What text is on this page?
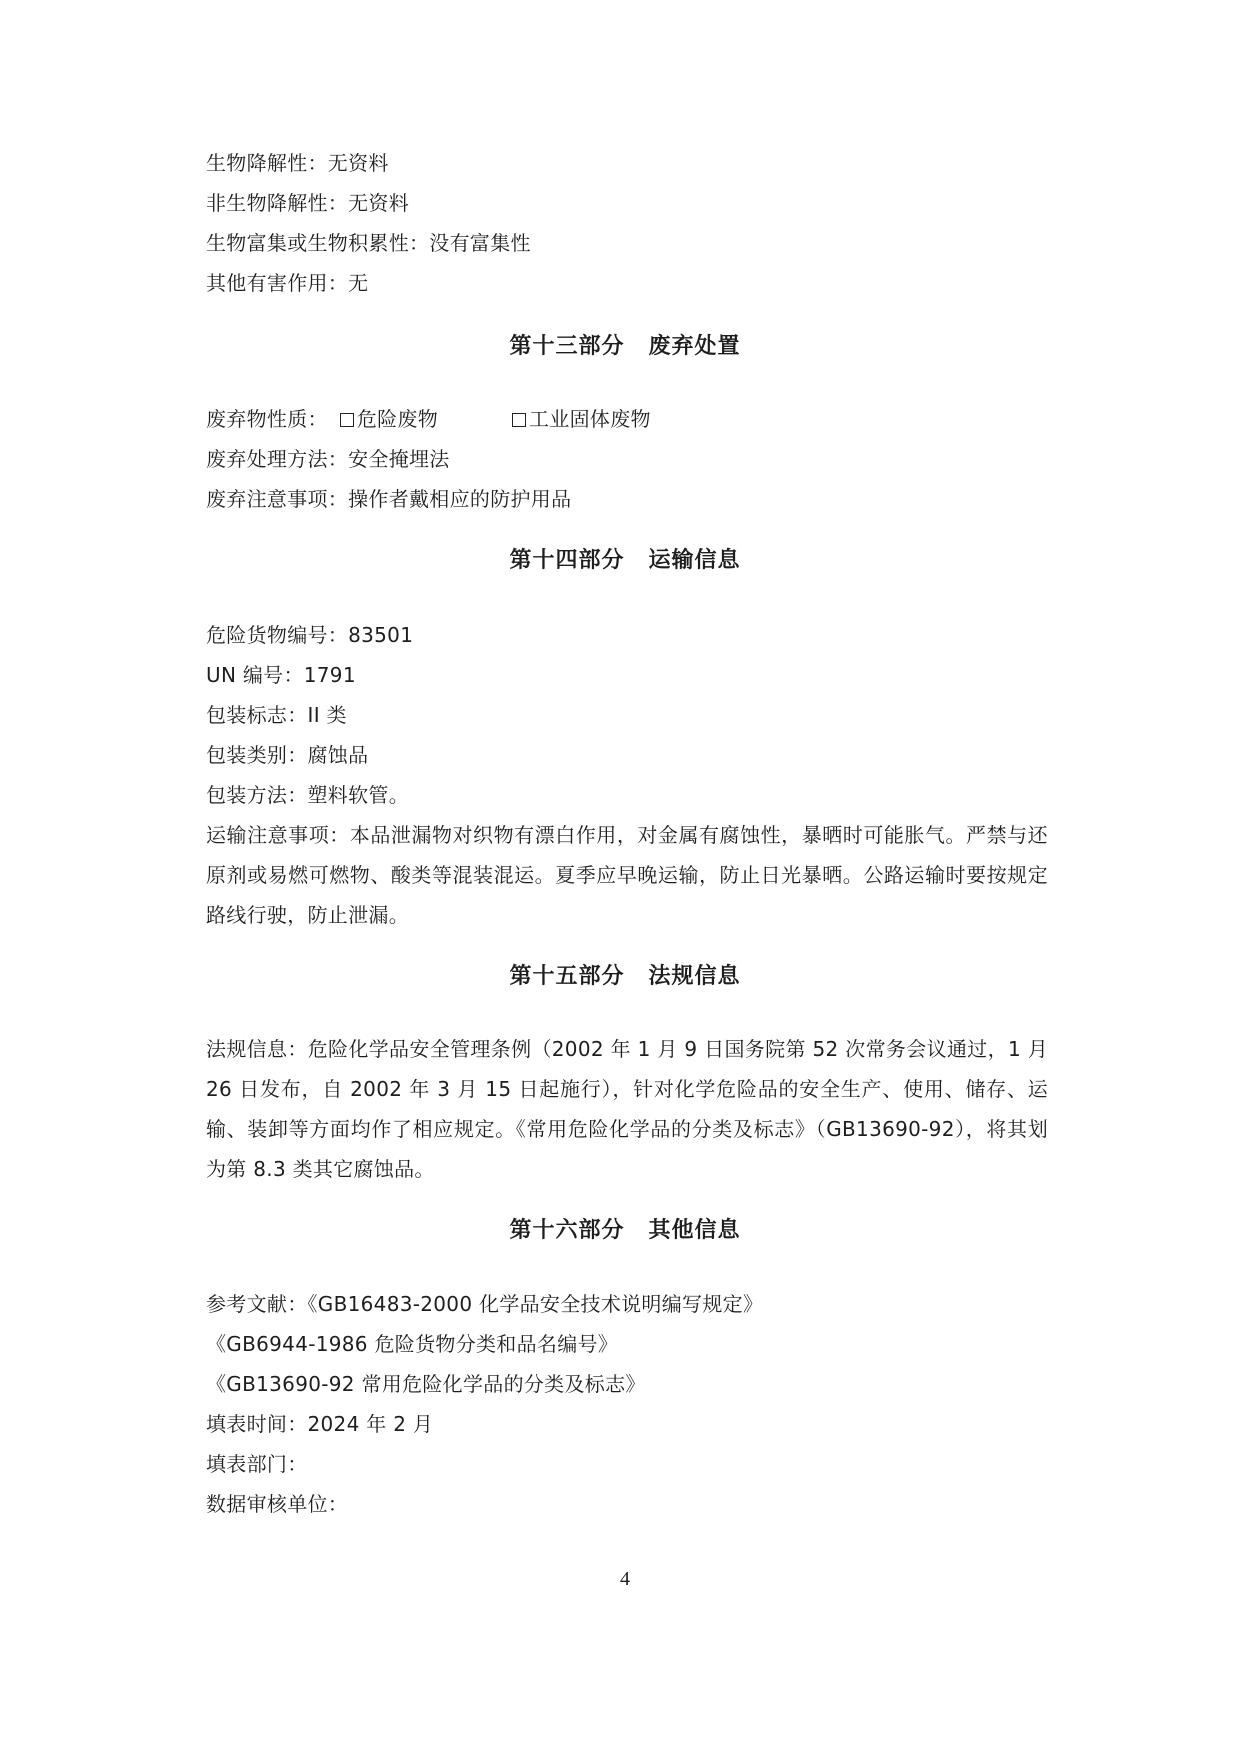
生物降解性：无资料
非生物降解性：无资料
生物富集或生物积累性：没有富集性
其他有害作用：无
第十三部分 废弃处置
废弃物性质： 危险废物	工业固体废物
废弃处理方法：安全掩埋法
废弃注意事项：操作者戴相应的防护用品
第十四部分 运输信息
危险货物编号：83501
UN 编号：1791
包装标志：II 类
包装类别：腐蚀品
包装方法：塑料软管。
运输注意事项：本品泄漏物对织物有漂白作用，对金属有腐蚀性，暴晒时可能胀气。严禁与还原剂或易燃可燃物、酸类等混装混运。夏季应早晚运输，防止日光暴晒。公路运输时要按规定路线行驶，防止泄漏。
第十五部分 法规信息
法规信息：危险化学品安全管理条例（2002 年 1 月 9 日国务院第 52 次常务会议通过，1 月 26 日发布，自 2002 年 3 月 15 日起施行），针对化学危险品的安全生产、使用、储存、运输、装卸等方面均作了相应规定。《常用危险化学品的分类及标志》（GB13690-92），将其划为第 8.3 类其它腐蚀品。
第十六部分 其他信息
参考文献：《GB16483-2000 化学品安全技术说明编写规定》
《GB6944-1986 危险货物分类和品名编号》
《GB13690-92 常用危险化学品的分类及标志》
填表时间：2024 年 2 月
填表部门：
数据审核单位：
4
